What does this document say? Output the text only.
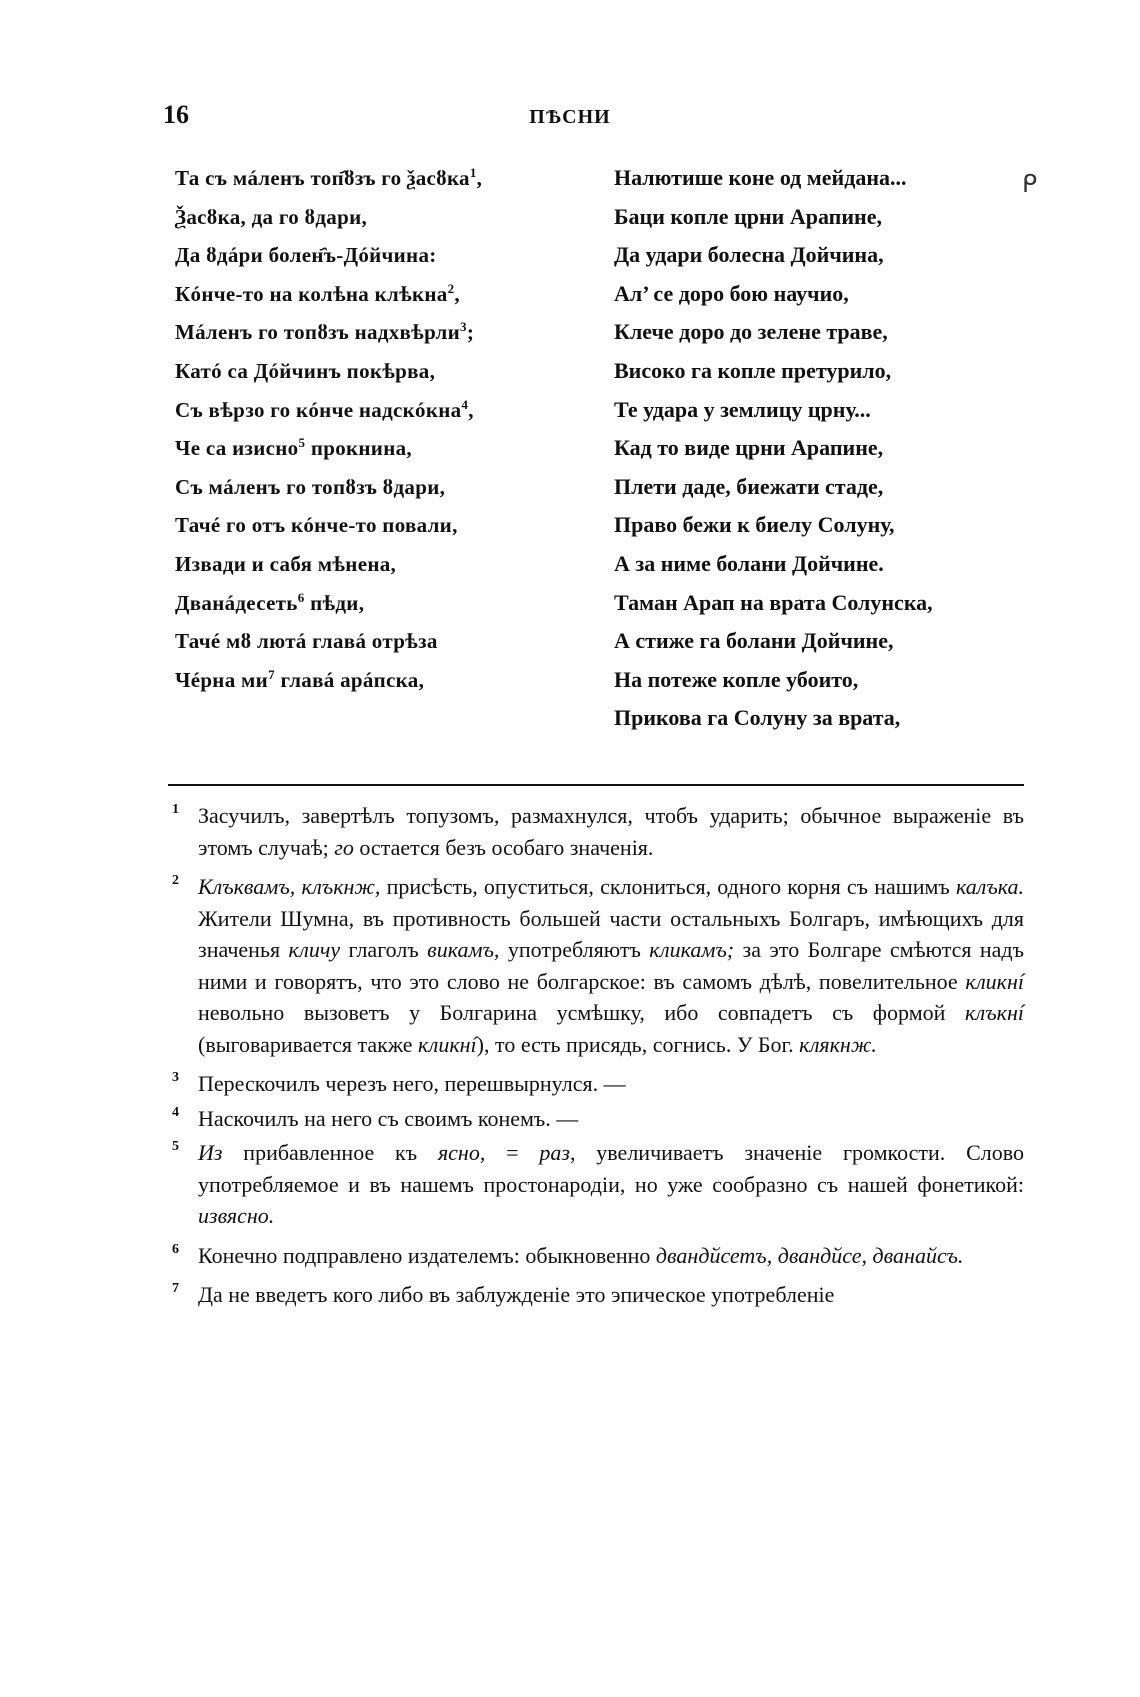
16	ПѢСНИ
Та съ мáленъ топ҄ȣзъ го ѯасȣка$^1$,
Ѯасȣка, да го ȣдари,
Да ȣдáри болен҄ъ-Дóйчина:
Кóнче-то на колѣна клѣкна$^2$,
Мáленъ го топȣзъ надхвѣрли$^3$;
Катó са Дóйчинъ покѣрва,
Съ вѣрзо го кóнче надскóкна$^4$,
Че са изисно$^5$ прокнина,
Съ мáленъ го топȣзъ ȣдари,
Тачé го отъ кóнче-то повали,
Извади и сабя мѣнена,
Дванáдесеть$^6$ пѣди,
Тачé мȣ лютá главá отрѣза
Чéрна $ми^7$ главá арáпска,
Налютише коне од мейдана...
Баци копле црни Арапине,
Да удари болесна Дойчина,
Ал’ се доро бою научио,
Клече доро до зелене траве,
Високо га копле претурило,
Те удара у землицу црну...
Кад то виде црни Арапине,
Плети даде, биежати стаде,
Право бежи к биелу Солуну,
А за ниме болани Дойчине.
Таман Арап на врата Солунска,
А стиже га болани Дойчине,
На потеже копле убоито,
Прикова га Солуну за врата,
ᑭ

1 Засучилъ, завертѣлъ топузомъ, размахнулся, чтобъ ударить; обычное выраженіе въ этомъ случаѣ; го остается безъ особаго значенія.

2 Клъквамъ, клъкнж, присѣсть, опуститься, склониться, одного корня съ нашимъ калъка. Жители Шумна, въ противность большей части остальныхъ Болгаръ, имѣющихъ для значенья кличу глаголъ викамъ, употребляютъ кликамъ; за это Болгаре смѣются надъ ними и говорятъ, что это слово не болгарское: въ самомъ дѣлѣ, повелительное кликнí невольно вызоветъ у Болгарина усмѣшку, ибо совпадетъ съ формой клъкнí (выговаривается также кликнí), то есть присядь, согнись. У Бог. клякнж.

3 Перескочилъ черезъ него, перешвырнулся. —

4 Наскочилъ на него съ своимъ конемъ. —

5 Из прибавленное къ ясно, = раз, увеличиваетъ значеніе громкости. Слово употребляемое и въ нашемъ простонародіи, но уже сообразно съ нашей фонетикой: извясно.

6 Конечно подправлено издателемъ: обыкновенно двандйсетъ, двандйсе, дванайсъ.

7 Да не введетъ кого либо въ заблужденіе это эпическое употребленіе
